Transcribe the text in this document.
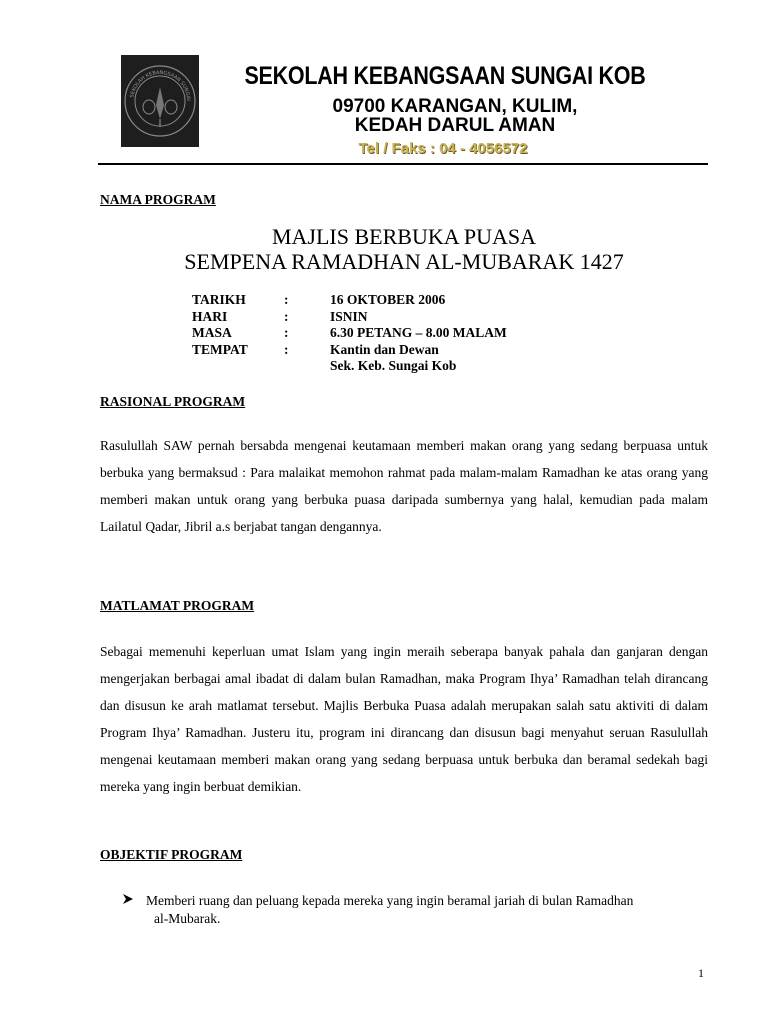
SEKOLAH KEBANGSAAN SUNGAI
SEKOLAH KEBANGSAAN SUNGAI KOB
09700 KARANGAN, KULIM,
KEDAH DARUL AMAN
Tel / Faks : 04 - 4056572
NAMA PROGRAM
MAJLIS BERBUKA PUASA
SEMPENA RAMADHAN AL-MUBARAK 1427
TARIKH	:	16 OKTOBER 2006
HARI	:	ISNIN
MASA	:	6.30 PETANG – 8.00 MALAM
TEMPAT	:	Kantin dan Dewan
Sek. Keb. Sungai Kob
RASIONAL PROGRAM

Rasulullah SAW pernah bersabda mengenai keutamaan memberi makan orang yang sedang berpuasa untuk berbuka yang bermaksud : Para malaikat memohon rahmat pada malam-malam Ramadhan ke atas orang yang memberi makan untuk orang yang berbuka puasa daripada sumbernya yang halal, kemudian pada malam Lailatul Qadar, Jibril a.s berjabat tangan dengannya.

MATLAMAT PROGRAM

Sebagai memenuhi keperluan umat Islam yang ingin meraih seberapa banyak pahala dan ganjaran dengan mengerjakan berbagai amal ibadat di dalam bulan Ramadhan, maka Program Ihya’ Ramadhan telah dirancang dan disusun ke arah matlamat tersebut. Majlis Berbuka Puasa adalah merupakan salah satu aktiviti di dalam Program Ihya’ Ramadhan. Justeru itu, program ini dirancang dan disusun bagi menyahut seruan Rasulullah mengenai keutamaan memberi makan orang yang sedang berpuasa untuk berbuka dan beramal sedekah bagi mereka yang ingin berbuat demikian.

OBJEKTIF PROGRAM
Memberi ruang dan peluang kepada mereka yang ingin beramal jariah di bulan Ramadhan
al-Mubarak.
1
